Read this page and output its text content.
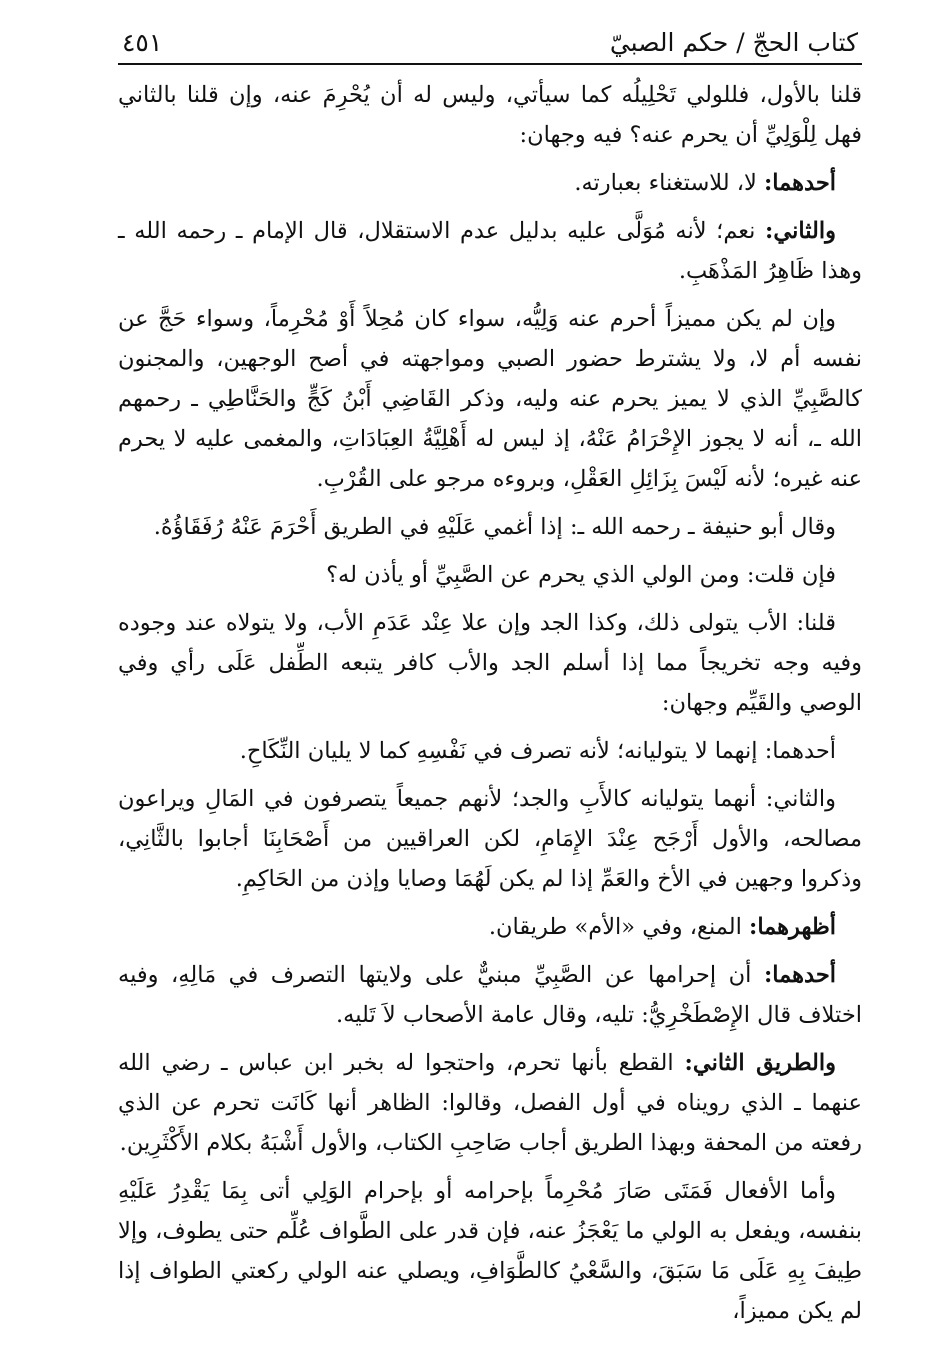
كتاب الحجّ / حكم الصبيّ
٤٥١

قلنا بالأول، فللولي تَحْلِيلُه كما سيأتي، وليس له أن يُحْرِمَ عنه، وإن قلنا بالثاني فهل لِلْوَلِيِّ أن يحرم عنه؟ فيه وجهان:

أحدهما: لا، للاستغناء بعبارته.

والثاني: نعم؛ لأنه مُوَلَّى عليه بدليل عدم الاستقلال، قال الإمام ـ رحمه الله ـ وهذا ظَاهِرُ المَذْهَبِ.

وإن لم يكن مميزاً أحرم عنه وَلِيُّه، سواء كان مُحِلاً أَوْ مُحْرِماً، وسواء حَجَّ عن نفسه أم لا، ولا يشترط حضور الصبي ومواجهته في أصح الوجهين، والمجنون كالصَّبِيِّ الذي لا يميز يحرم عنه وليه، وذكر القَاضِي أَبْنُ كَجٍّ والحَنَّاطِي ـ رحمهم الله ـ، أنه لا يجوز الإِحْرَامُ عَنْهُ، إذ ليس له أَهْلِيَّةُ العِبَادَاتِ، والمغمى عليه لا يحرم عنه غيره؛ لأنه لَيْسَ بِزَائِلِ العَقْلِ، وبروءه مرجو على القُرْبِ.

وقال أبو حنيفة ـ رحمه الله ـ: إذا أغمي عَلَيْهِ في الطريق أَحْرَمَ عَنْهُ رُفَقَاؤُهُ.

فإن قلت: ومن الولي الذي يحرم عن الصَّبِيِّ أو يأذن له؟

قلنا: الأب يتولى ذلك، وكذا الجد وإن علا عِنْد عَدَمِ الأب، ولا يتولاه عند وجوده وفيه وجه تخريجاً مما إذا أسلم الجد والأب كافر يتبعه الطِّفل عَلَى رأي وفي الوصي والقَيِّم وجهان:

أحدهما: إنهما لا يتوليانه؛ لأنه تصرف في نَفْسِهِ كما لا يليان النِّكَاحِ.

والثاني: أنهما يتوليانه كالأَبِ والجد؛ لأنهم جميعاً يتصرفون في المَالِ ويراعون مصالحه، والأول أَرْجَح عِنْدَ الإِمَامِ، لكن العراقيين من أَصْحَابِنَا أجابوا بالثَّانِي، وذكروا وجهين في الأخ والعَمِّ إذا لم يكن لَهُمَا وصايا وإذن من الحَاكِمِ.

أظهرهما: المنع، وفي «الأم» طريقان.

أحدهما: أن إحرامها عن الصَّبِيِّ مبنيٌّ على ولايتها التصرف في مَالِهِ، وفيه اختلاف قال الإِصْطَخْرِيُّ: تليه، وقال عامة الأصحاب لاَ تَليه.

والطريق الثاني: القطع بأنها تحرم، واحتجوا له بخبر ابن عباس ـ رضي الله عنهما ـ الذي رويناه في أول الفصل، وقالوا: الظاهر أنها كَانَت تحرم عن الذي رفعته من المحفة وبهذا الطريق أجاب صَاحِبِ الكتاب، والأول أَشْبَهُ بكلام الأَكْثَرِين.

وأما الأفعال فَمَتَى صَارَ مُحْرِماً بإحرامه أو بإحرام الوَلِي أتى بِمَا يَقْدِرُ عَلَيْهِ بنفسه، ويفعل به الولي ما يَعْجَزُ عنه، فإن قدر على الطَّواف عُلِّم حتى يطوف، وإلا طِيفَ بِهِ عَلَى مَا سَبَقَ، والسَّعْيُ كالطَّوَافِ، ويصلي عنه الولي ركعتي الطواف إذا لم يكن مميزاً،
